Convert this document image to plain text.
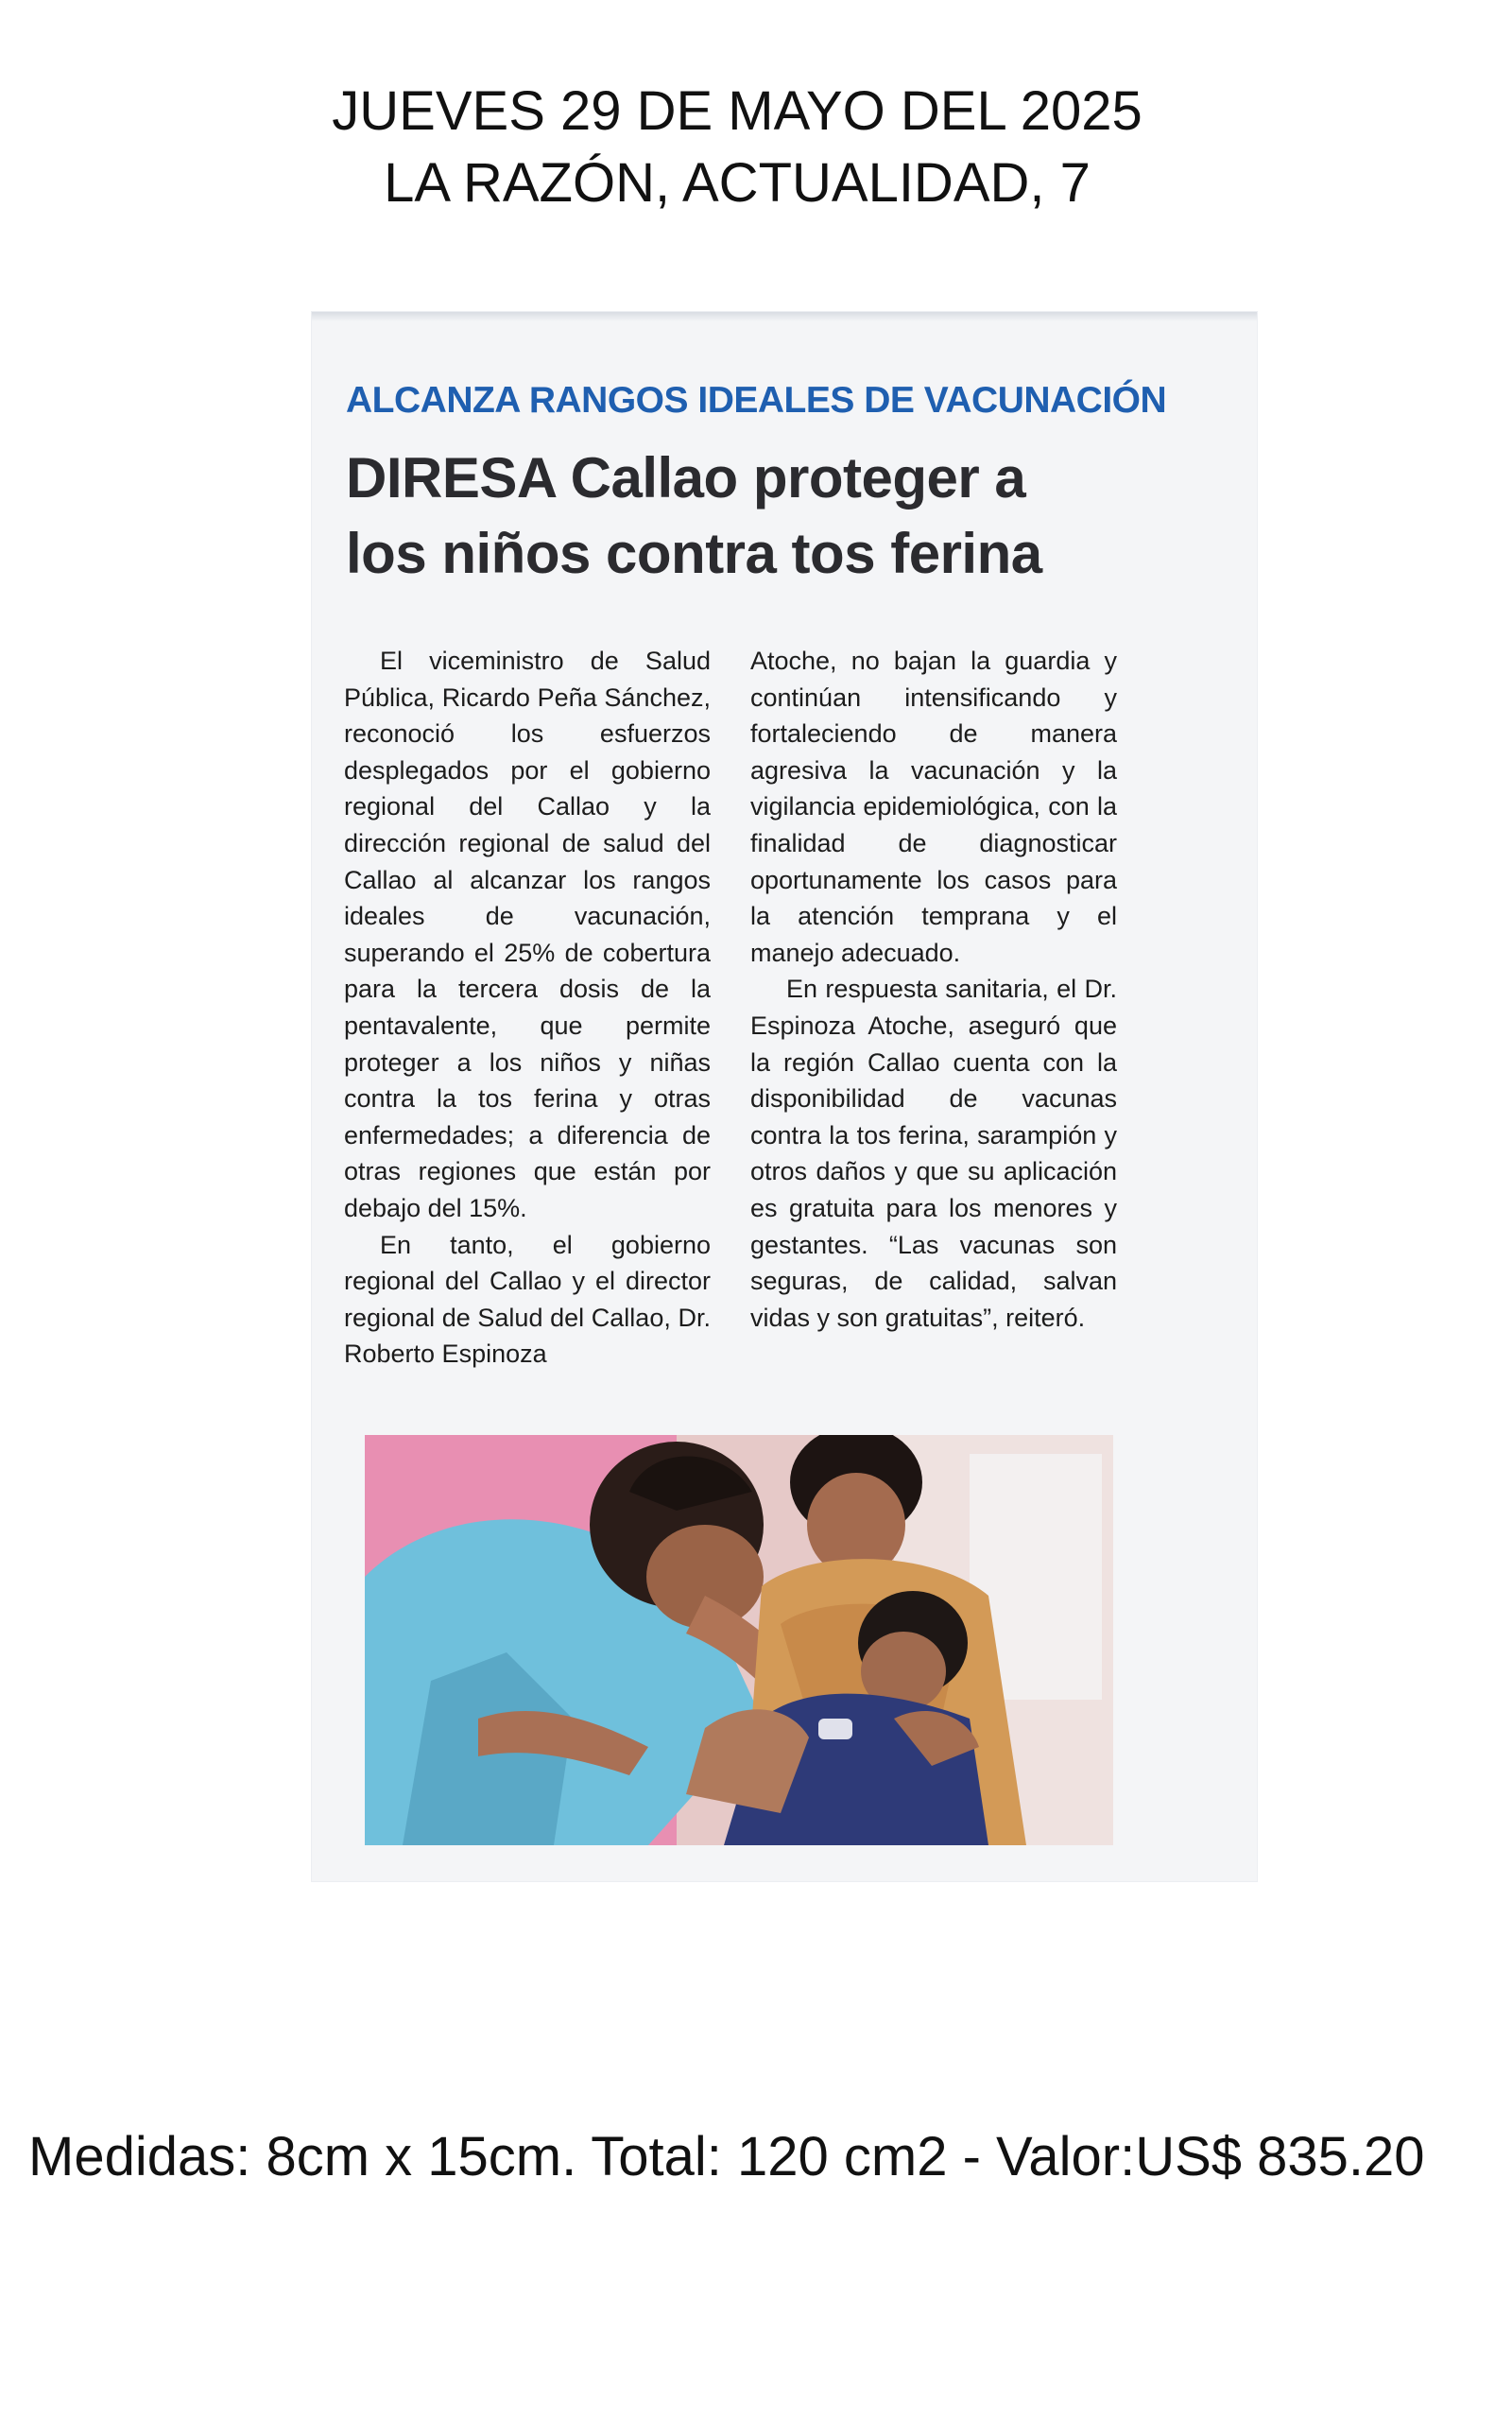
JUEVES 29 DE MAYO DEL 2025
LA RAZÓN, ACTUALIDAD, 7
ALCANZA RANGOS IDEALES DE VACUNACIÓN
DIRESA Callao proteger a
los niños contra tos ferina

El viceministro de Salud Pública, Ricardo Peña Sánchez, reconoció los esfuerzos desplegados por el gobierno regional del Callao y la dirección regional de salud del Callao al alcanzar los rangos ideales de vacunación, superando el 25% de cobertura para la tercera dosis de la pentavalente, que permite proteger a los niños y niñas contra la tos ferina y otras enfermedades; a diferencia de otras regiones que están por debajo del 15%.

En tanto, el gobierno regional del Callao y el director regional de Salud del Callao, Dr. Roberto Espinoza

Atoche, no bajan la guardia y continúan intensificando y fortaleciendo de manera agresiva la vacunación y la vigilancia epidemiológica, con la finalidad de diagnosticar oportunamente los casos para la atención temprana y el manejo adecuado.

En respuesta sanitaria, el Dr. Espinoza Atoche, aseguró que la región Callao cuenta con la disponibilidad de vacunas contra la tos ferina, sarampión y otros daños y que su aplicación es gratuita para los menores y gestantes. “Las vacunas son seguras, de calidad, salvan vidas y son gratuitas”, reiteró.

Medidas: 8cm x 15cm. Total: 120 cm2 - Valor:US$ 835.20
